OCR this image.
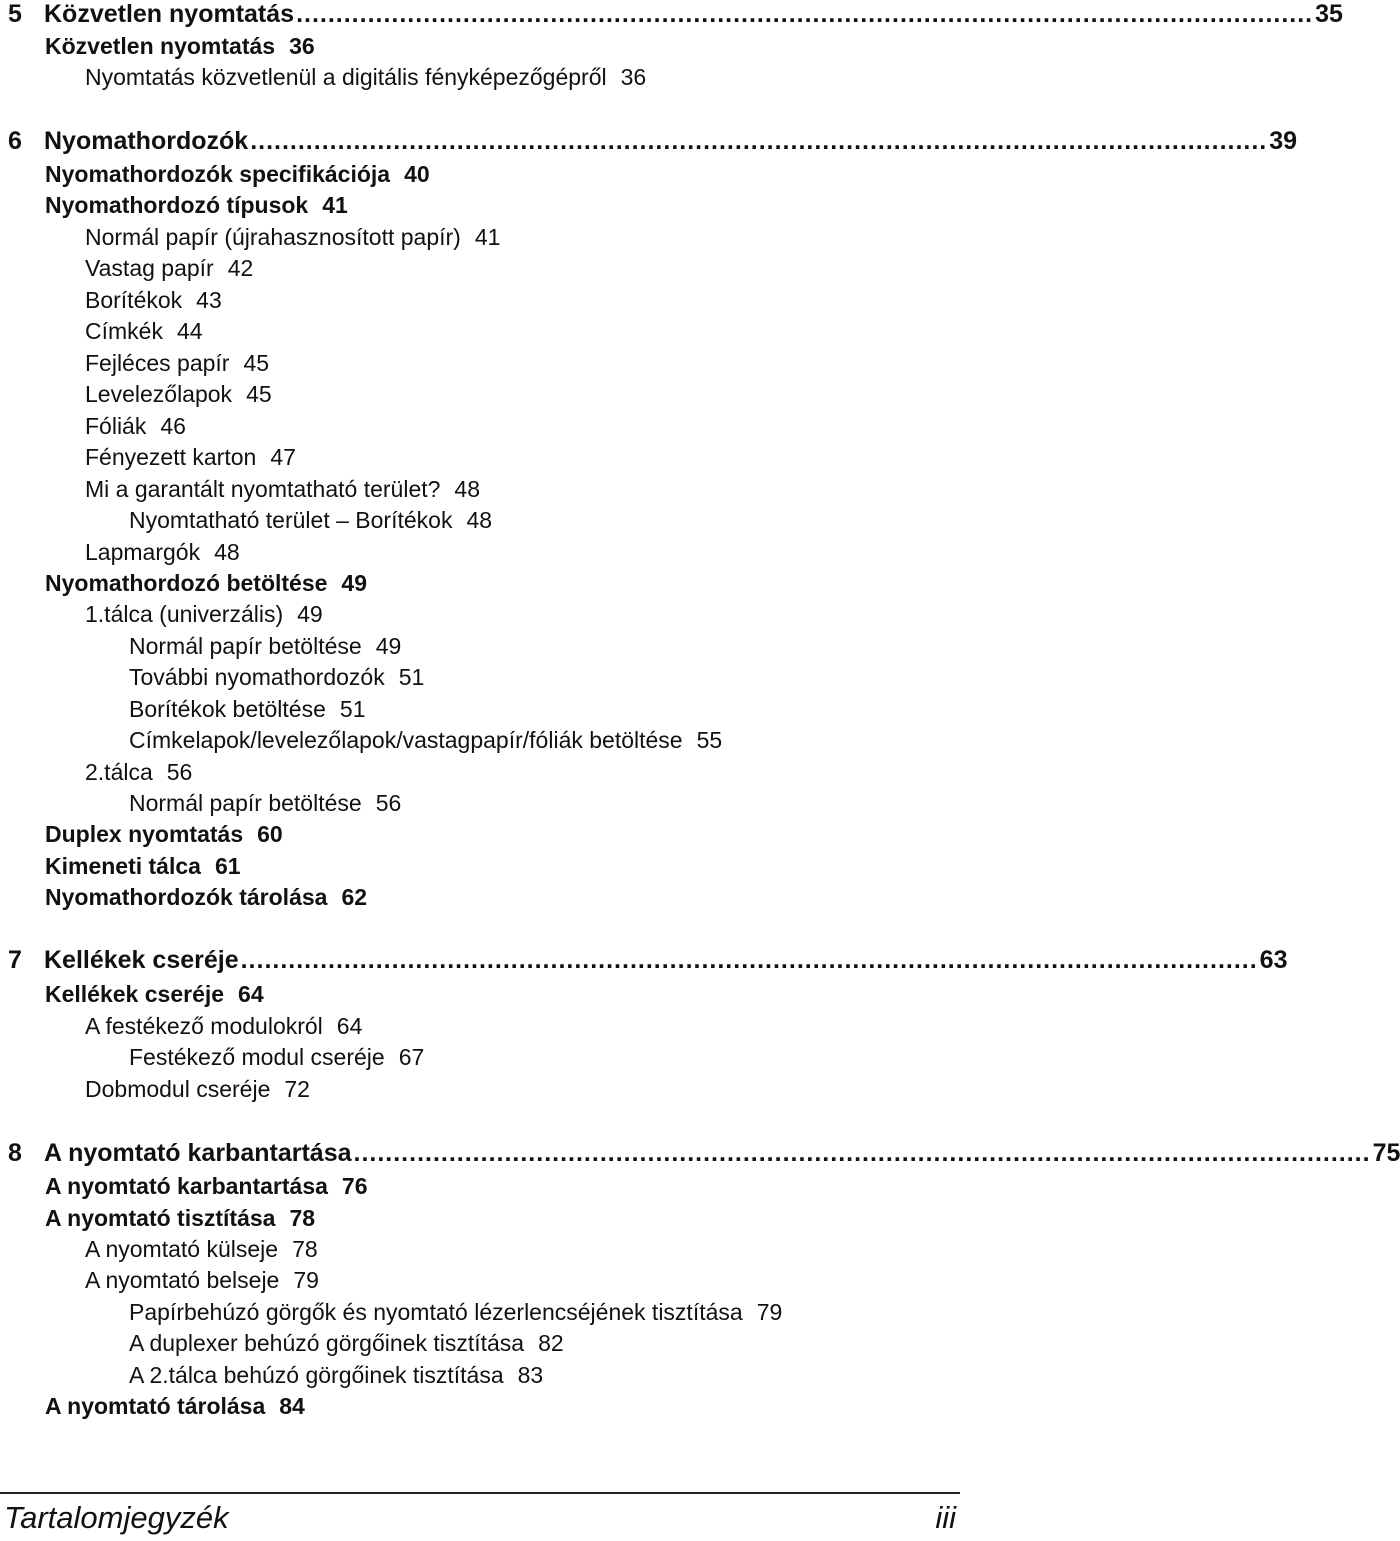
5 Közvetlen nyomtatás ................................................................................................................................ 35
Közvetlen nyomtatás 36
Nyomtatás közvetlenül a digitális fényképezőgépről 36
6 Nyomathordozók ................................................................................................................................ 39
Nyomathordozók specifikációja 40
Nyomathordozó típusok 41
Normál papír (újrahasznosított papír) 41
Vastag papír 42
Borítékok 43
Címkék 44
Fejléces papír 45
Levelezőlapok 45
Fóliák 46
Fényezett karton 47
Mi a garantált nyomtatható terület? 48
Nyomtatható terület – Borítékok 48
Lapmargók 48
Nyomathordozó betöltése 49
1.tálca (univerzális) 49
Normál papír betöltése 49
További nyomathordozók 51
Borítékok betöltése 51
Címkelapok/levelezőlapok/vastagpapír/fóliák betöltése 55
2.tálca 56
Normál papír betöltése 56
Duplex nyomtatás 60
Kimeneti tálca 61
Nyomathordozók tárolása 62
7 Kellékek cseréje ................................................................................................................................ 63
Kellékek cseréje 64
A festékező modulokról 64
Festékező modul cseréje 67
Dobmodul cseréje 72
8 A nyomtató karbantartása ................................................................................................................................ 75
A nyomtató karbantartása 76
A nyomtató tisztítása 78
A nyomtató külseje 78
A nyomtató belseje 79
Papírbehúzó görgők és nyomtató lézerlencséjének tisztítása 79
A duplexer behúzó görgőinek tisztítása 82
A 2.tálca behúzó görgőinek tisztítása 83
A nyomtató tárolása 84
Tartalomjegyzék	iii
